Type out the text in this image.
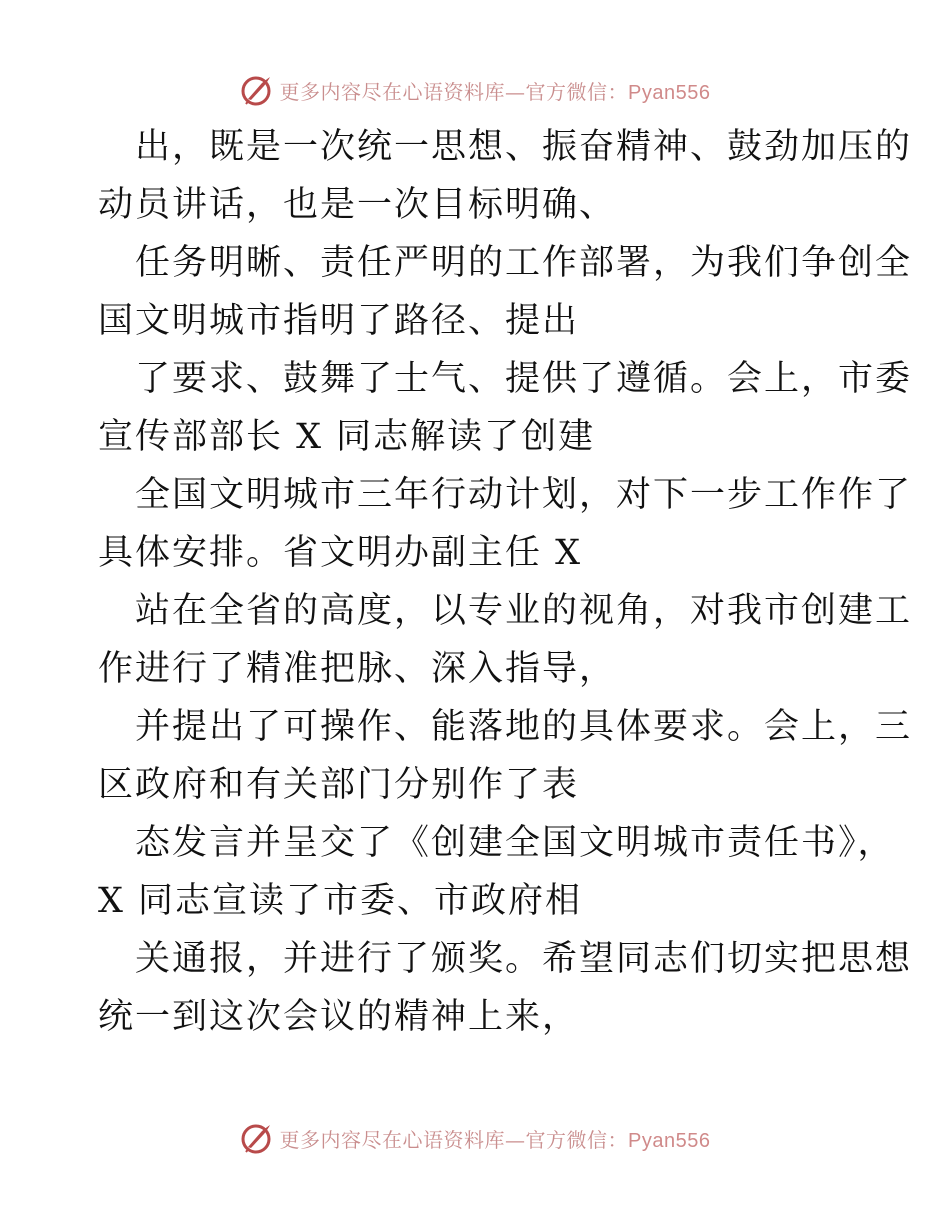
更多内容尽在心语资料库—官方微信：Pyan556
出，既是一次统一思想、振奋精神、鼓劲加压的
动员讲话，也是一次目标明确、
任务明晰、责任严明的工作部署，为我们争创全
国文明城市指明了路径、提出
了要求、鼓舞了士气、提供了遵循。会上，市委
宣传部部长 X 同志解读了创建
全国文明城市三年行动计划，对下一步工作作了
具体安排。省文明办副主任 X
站在全省的高度，以专业的视角，对我市创建工
作进行了精准把脉、深入指导，
并提出了可操作、能落地的具体要求。会上，三
区政府和有关部门分别作了表
态发言并呈交了《创建全国文明城市责任书》，
X 同志宣读了市委、市政府相
关通报，并进行了颁奖。希望同志们切实把思想
统一到这次会议的精神上来，
更多内容尽在心语资料库—官方微信：Pyan556
